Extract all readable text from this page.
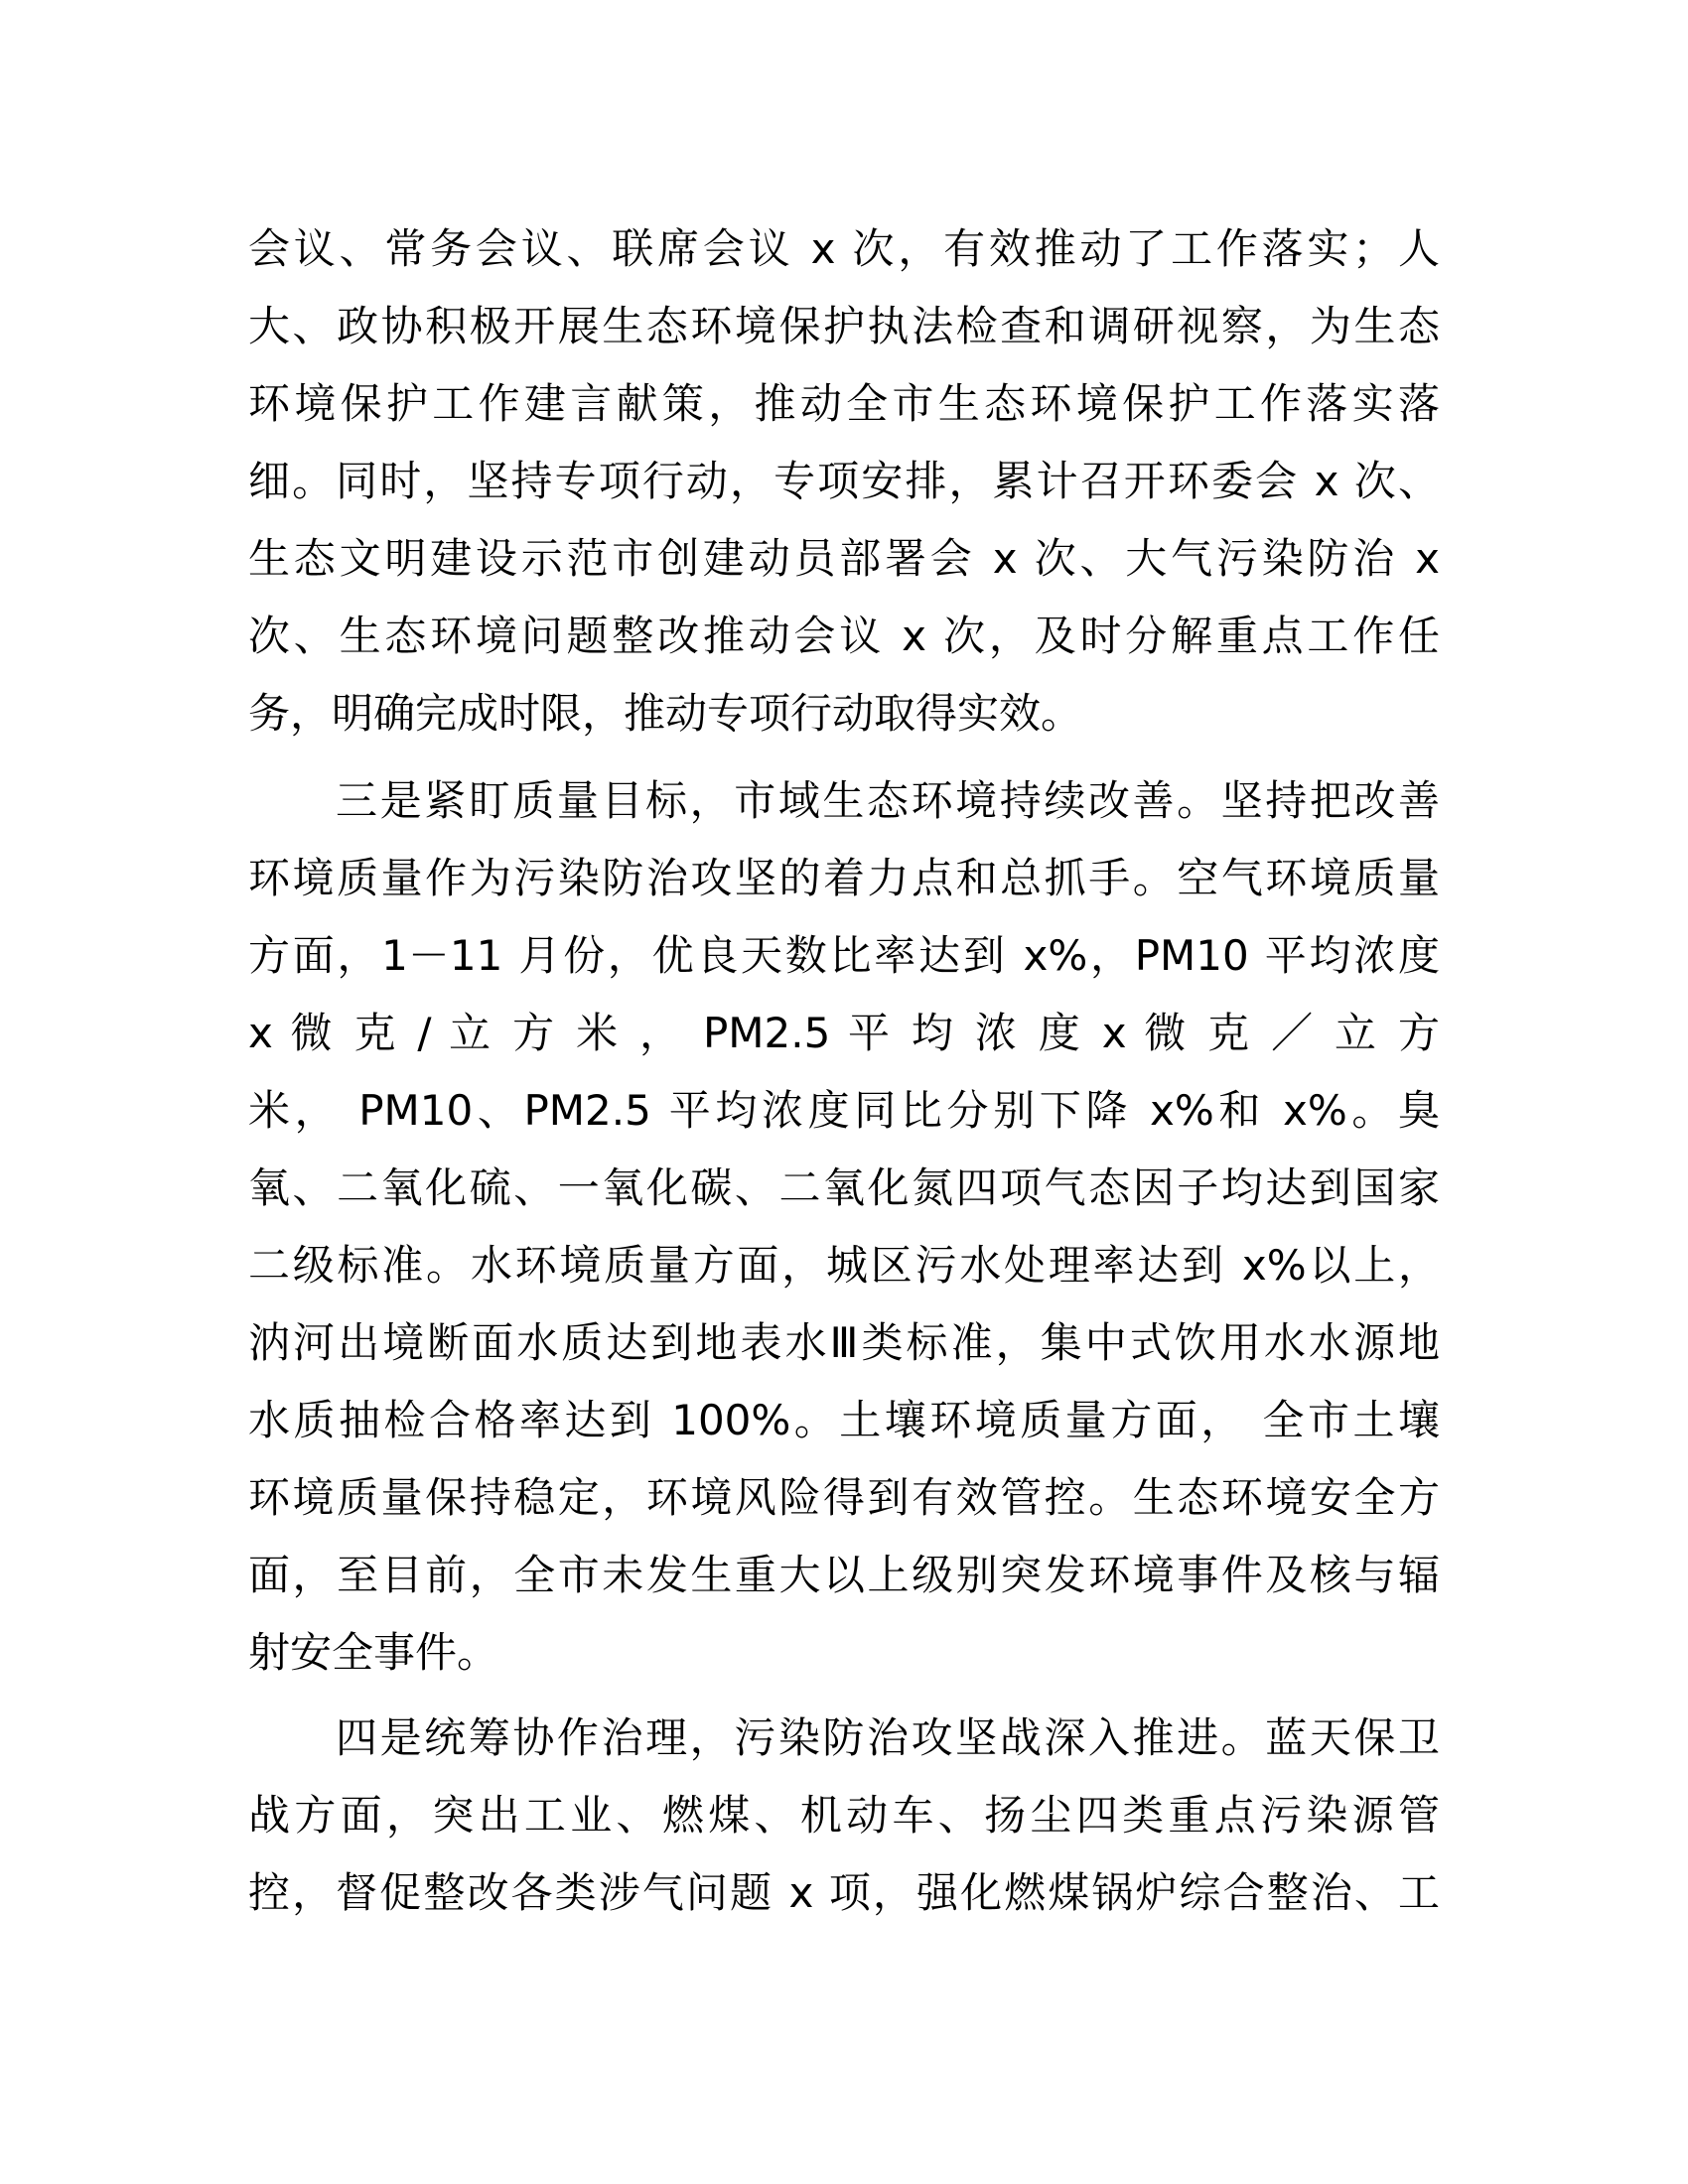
会议、常务会议、联席会议 x 次，有效推动了工作落实；人
大、政协积极开展生态环境保护执法检查和调研视察，为生态
环境保护工作建言献策，推动全市生态环境保护工作落实落
细。同时，坚持专项行动，专项安排，累计召开环委会 x 次、
生态文明建设示范市创建动员部署会 x 次、大气污染防治 x
次、生态环境问题整改推动会议 x 次，及时分解重点工作任
务，明确完成时限，推动专项行动取得实效。
三是紧盯质量目标，市域生态环境持续改善。坚持把改善
环境质量作为污染防治攻坚的着力点和总抓手。空气环境质量
方面，1－11 月份，优良天数比率达到 x%，PM10 平均浓度
x 微 克 / 立 方 米 ， PM2.5 平 均 浓 度 x 微 克 ／ 立 方
米， PM10、PM2.5 平均浓度同比分别下降 x%和 x%。臭
氧、二氧化硫、一氧化碳、二氧化氮四项气态因子均达到国家
二级标准。水环境质量方面，城区污水处理率达到 x%以上，
汭河出境断面水质达到地表水Ⅲ类标准，集中式饮用水水源地
水质抽检合格率达到 100%。土壤环境质量方面， 全市土壤
环境质量保持稳定，环境风险得到有效管控。生态环境安全方
面，至目前，全市未发生重大以上级别突发环境事件及核与辐
射安全事件。
四是统筹协作治理，污染防治攻坚战深入推进。蓝天保卫
战方面，突出工业、燃煤、机动车、扬尘四类重点污染源管
控，督促整改各类涉气问题 x 项，强化燃煤锅炉综合整治、工
